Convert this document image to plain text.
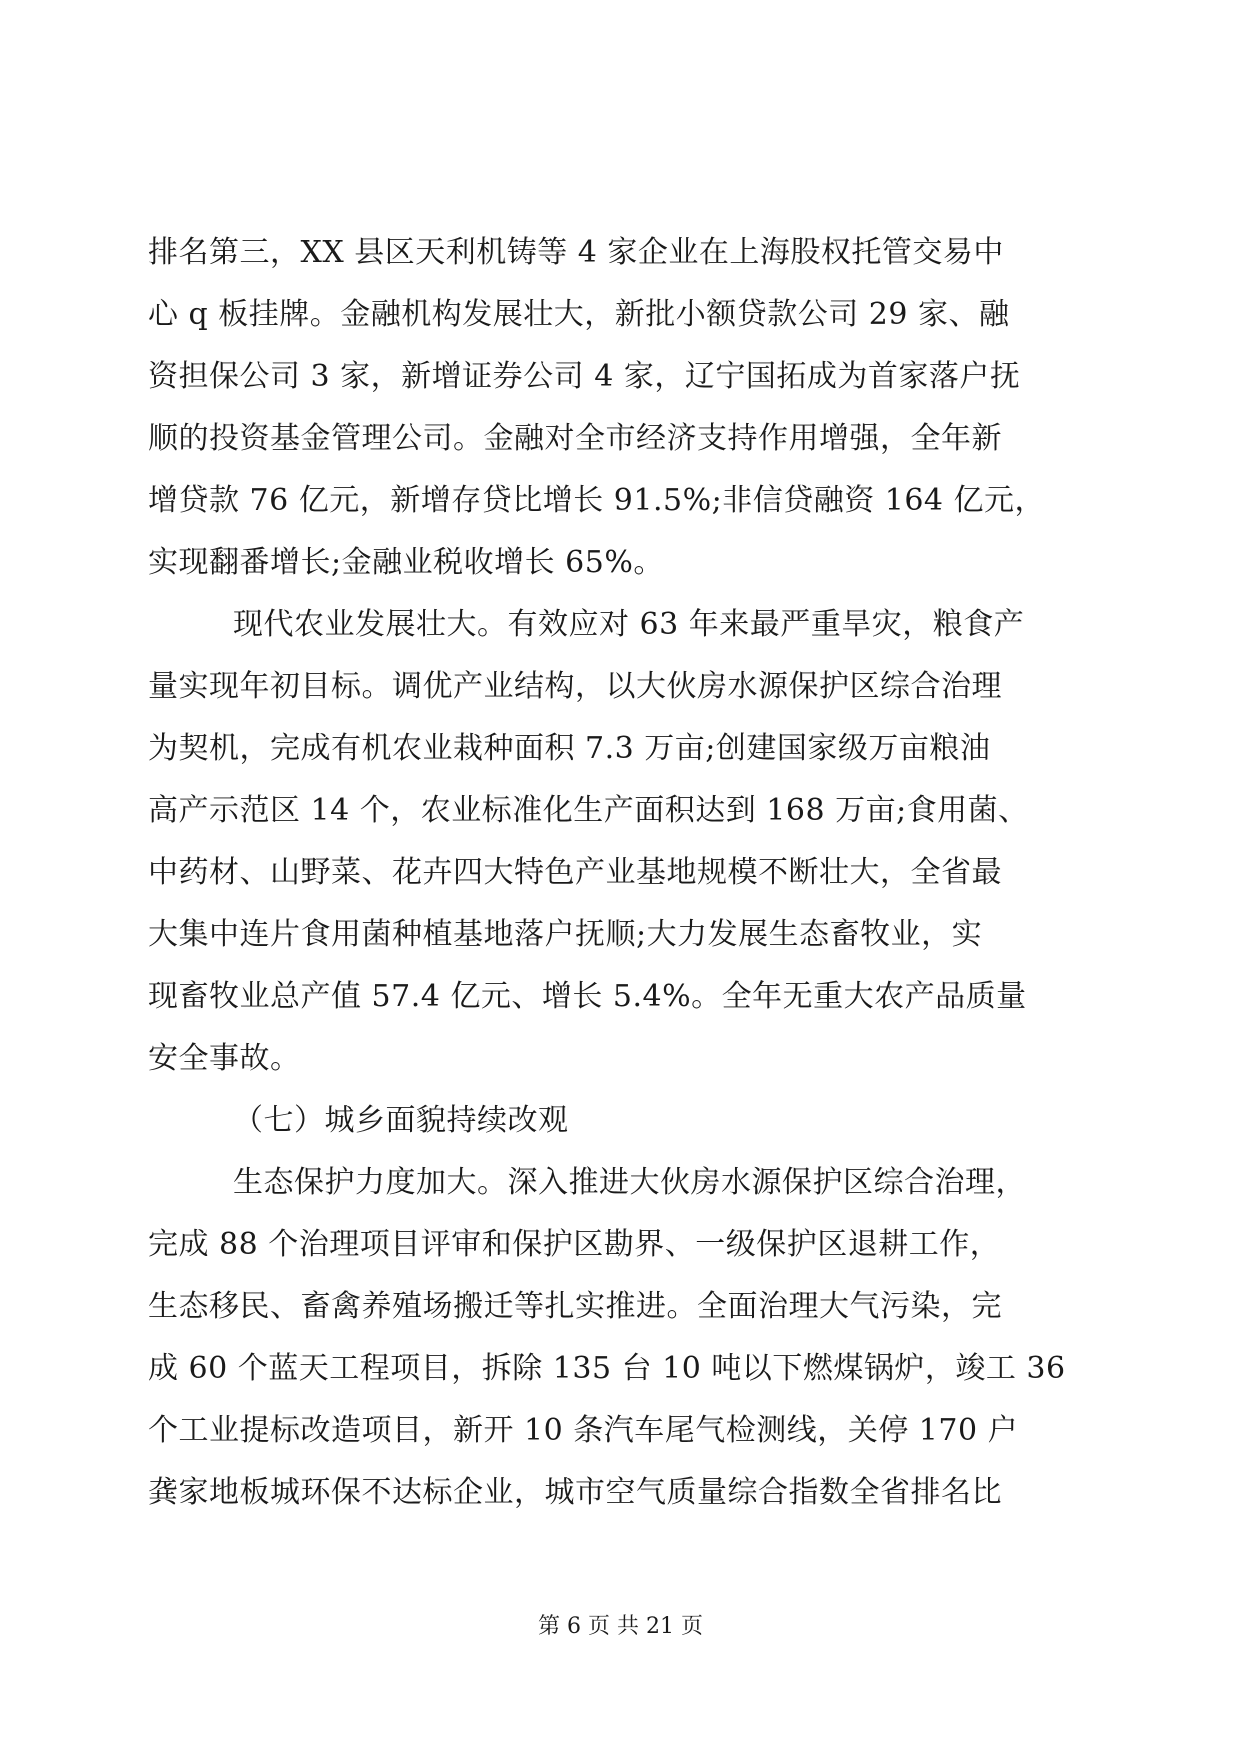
排名第三，XX 县区天利机铸等 4 家企业在上海股权托管交易中
心 q 板挂牌。金融机构发展壮大，新批小额贷款公司 29 家、融
资担保公司 3 家，新增证券公司 4 家，辽宁国拓成为首家落户抚
顺的投资基金管理公司。金融对全市经济支持作用增强，全年新
增贷款 76 亿元，新增存贷比增长 91.5%;非信贷融资 164 亿元，
实现翻番增长;金融业税收增长 65%。
现代农业发展壮大。有效应对 63 年来最严重旱灾，粮食产
量实现年初目标。调优产业结构，以大伙房水源保护区综合治理
为契机，完成有机农业栽种面积 7.3 万亩;创建国家级万亩粮油
高产示范区 14 个，农业标准化生产面积达到 168 万亩;食用菌、
中药材、山野菜、花卉四大特色产业基地规模不断壮大，全省最
大集中连片食用菌种植基地落户抚顺;大力发展生态畜牧业，实
现畜牧业总产值 57.4 亿元、增长 5.4%。全年无重大农产品质量
安全事故。
（七）城乡面貌持续改观
生态保护力度加大。深入推进大伙房水源保护区综合治理，
完成 88 个治理项目评审和保护区勘界、一级保护区退耕工作，
生态移民、畜禽养殖场搬迁等扎实推进。全面治理大气污染，完
成 60 个蓝天工程项目，拆除 135 台 10 吨以下燃煤锅炉，竣工 36
个工业提标改造项目，新开 10 条汽车尾气检测线，关停 170 户
龚家地板城环保不达标企业，城市空气质量综合指数全省排名比
第 6 页 共 21 页
